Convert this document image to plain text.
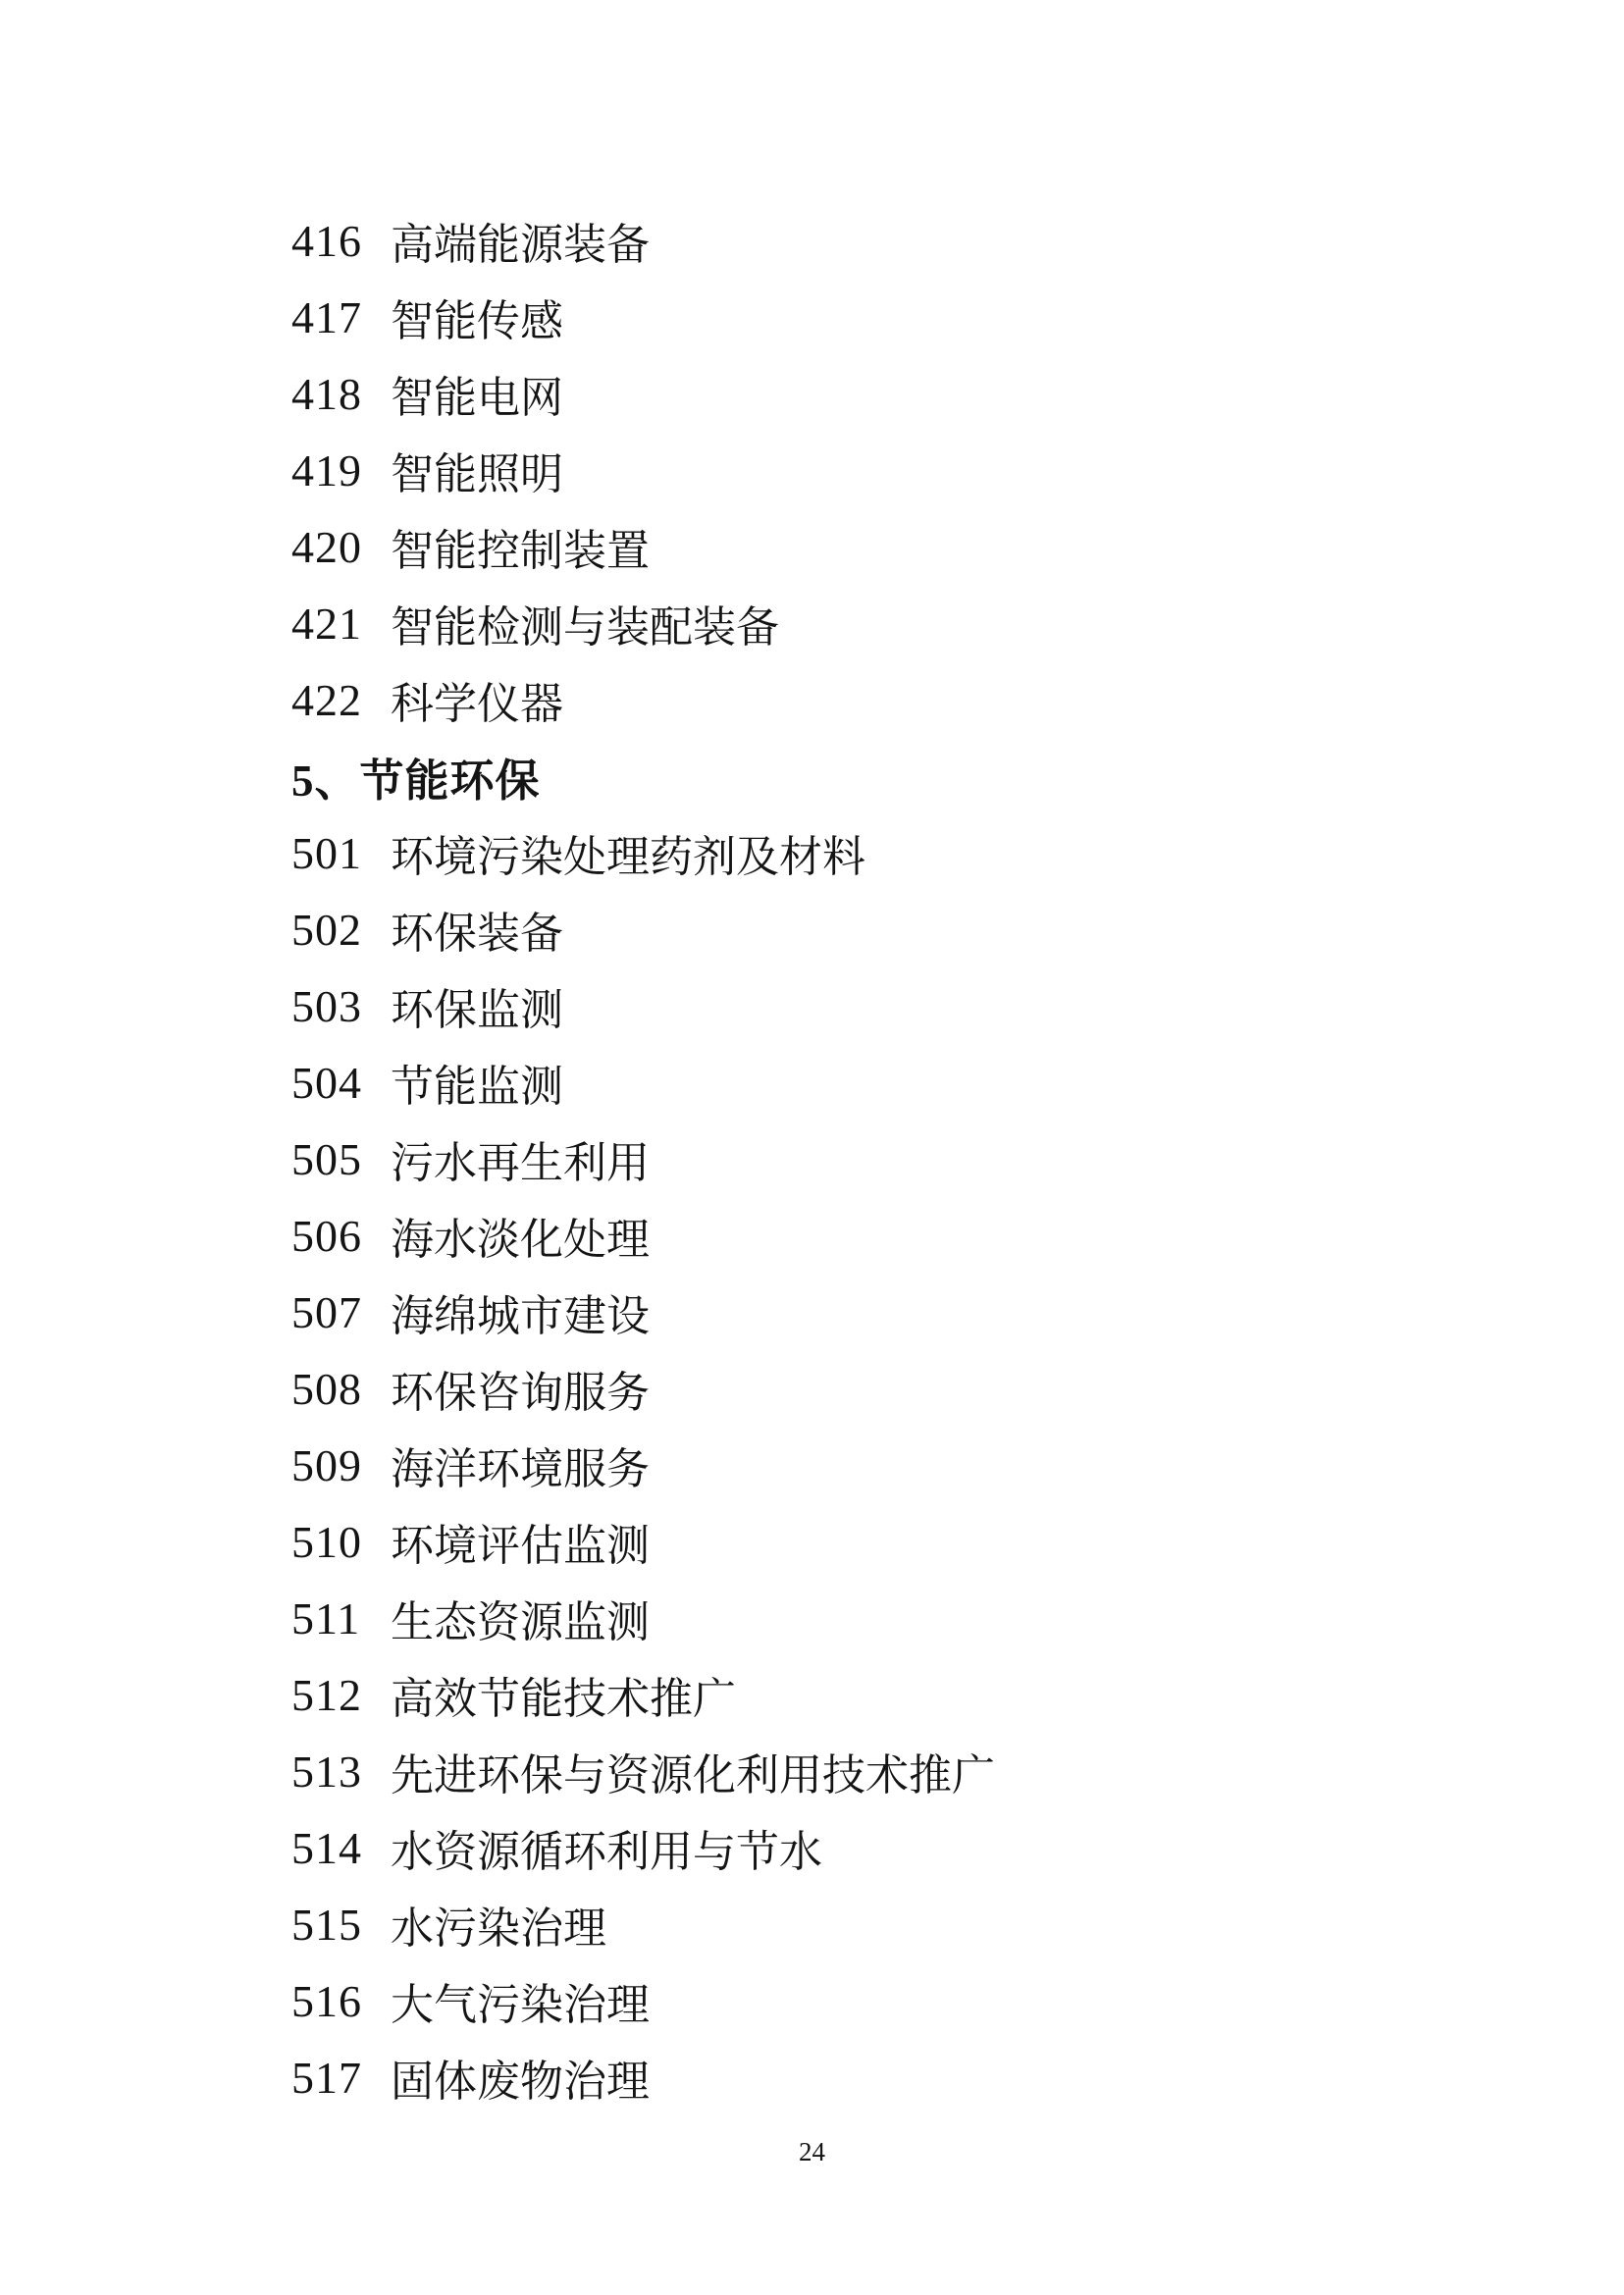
416 高端能源装备
417 智能传感
418 智能电网
419 智能照明
420 智能控制装置
421 智能检测与装配装备
422 科学仪器
5、节能环保
501 环境污染处理药剂及材料
502 环保装备
503 环保监测
504 节能监测
505 污水再生利用
506 海水淡化处理
507 海绵城市建设
508 环保咨询服务
509 海洋环境服务
510 环境评估监测
511 生态资源监测
512 高效节能技术推广
513 先进环保与资源化利用技术推广
514 水资源循环利用与节水
515 水污染治理
516 大气污染治理
517 固体废物治理
24
